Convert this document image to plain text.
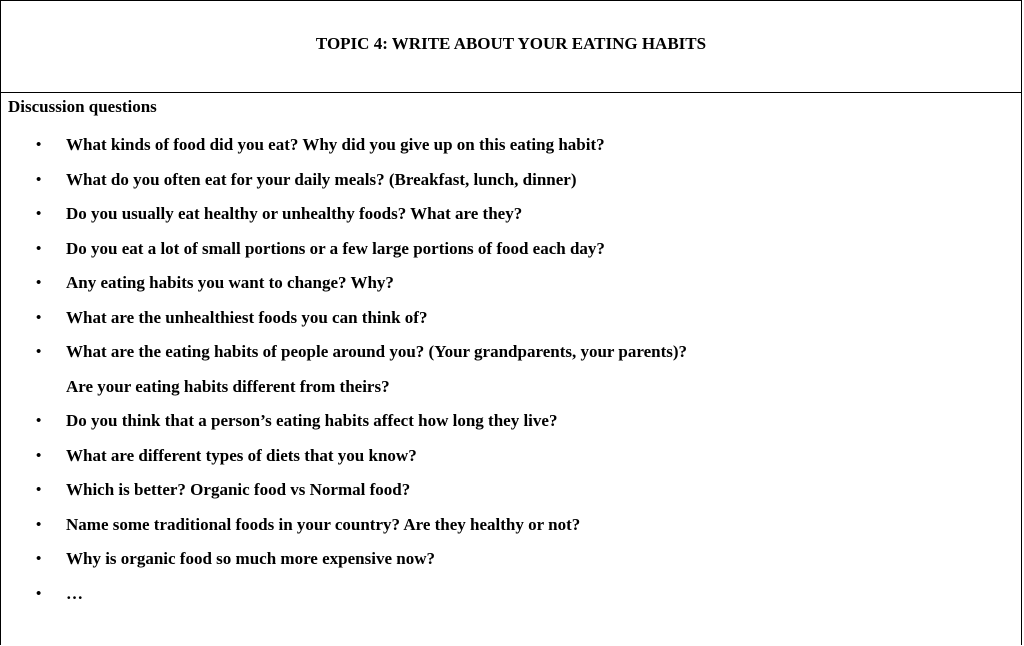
TOPIC 4: WRITE ABOUT YOUR EATING HABITS
Discussion questions
• What kinds of food did you eat? Why did you give up on this eating habit?
• What do you often eat for your daily meals? (Breakfast, lunch, dinner)
• Do you usually eat healthy or unhealthy foods? What are they?
• Do you eat a lot of small portions or a few large portions of food each day?
• Any eating habits you want to change? Why?
• What are the unhealthiest foods you can think of?
• What are the eating habits of people around you? (Your grandparents, your parents)?
Are your eating habits different from theirs?
• Do you think that a person’s eating habits affect how long they live?
• What are different types of diets that you know?
• Which is better? Organic food vs Normal food?
• Name some traditional foods in your country? Are they healthy or not?
• Why is organic food so much more expensive now?
• …
